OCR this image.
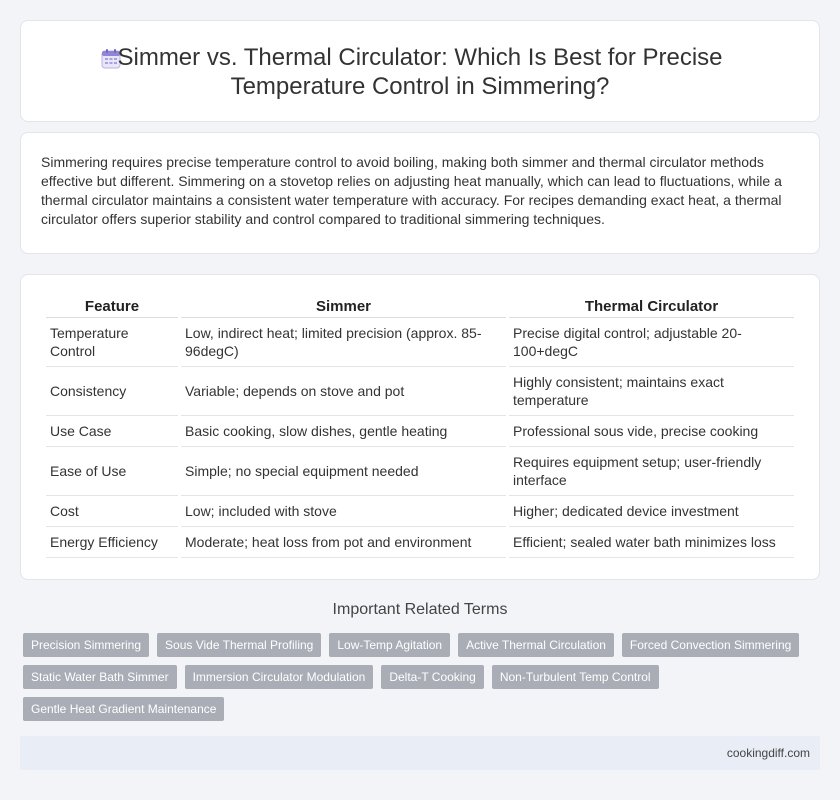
Simmer vs. Thermal Circulator: Which Is Best for Precise Temperature Control in Simmering?

Simmering requires precise temperature control to avoid boiling, making both simmer and thermal circulator methods effective but different. Simmering on a stovetop relies on adjusting heat manually, which can lead to fluctuations, while a thermal circulator maintains a consistent water temperature with accuracy. For recipes demanding exact heat, a thermal circulator offers superior stability and control compared to traditional simmering techniques.

Feature	Simmer	Thermal Circulator
Temperature Control	Low, indirect heat; limited precision (approx. 85-96degC)	Precise digital control; adjustable 20-100+degC
Consistency	Variable; depends on stove and pot	Highly consistent; maintains exact temperature
Use Case	Basic cooking, slow dishes, gentle heating	Professional sous vide, precise cooking
Ease of Use	Simple; no special equipment needed	Requires equipment setup; user-friendly interface
Cost	Low; included with stove	Higher; dedicated device investment
Energy Efficiency	Moderate; heat loss from pot and environment	Efficient; sealed water bath minimizes loss
Important Related Terms
Precision Simmering	Sous Vide Thermal Profiling	Low-Temp Agitation	Active Thermal Circulation	Forced Convection Simmering
Static Water Bath Simmer	Immersion Circulator Modulation	Delta-T Cooking	Non-Turbulent Temp Control
Gentle Heat Gradient Maintenance
cookingdiff.com
